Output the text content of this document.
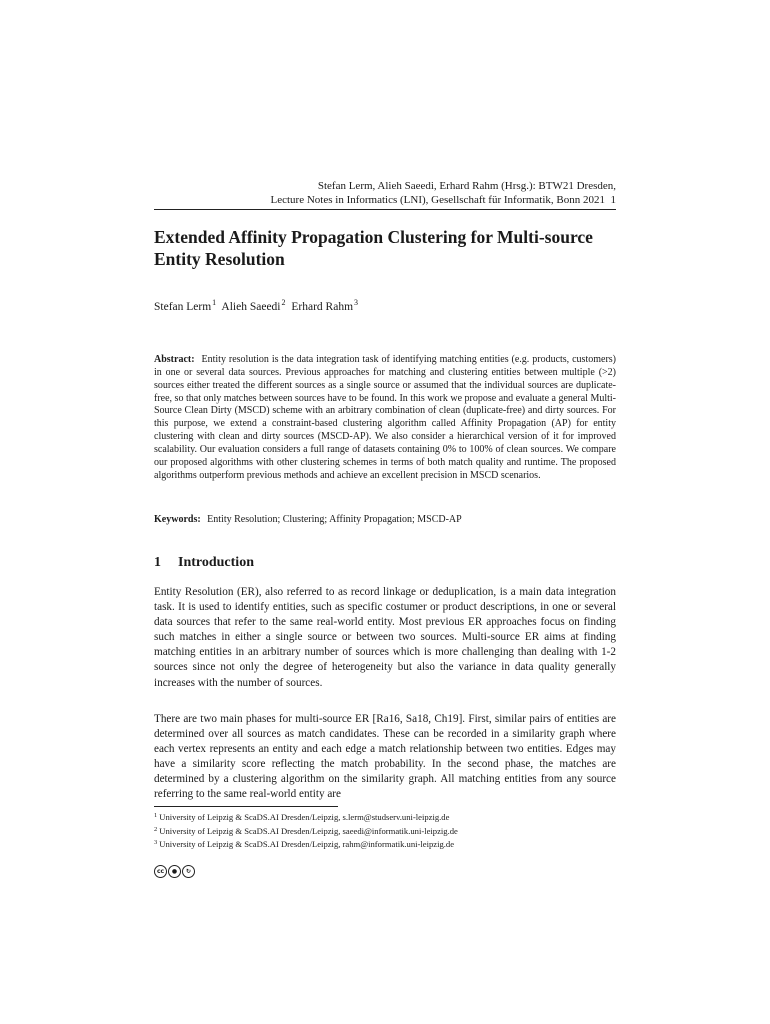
Stefan Lerm, Alieh Saeedi, Erhard Rahm (Hrsg.): BTW21 Dresden,
Lecture Notes in Informatics (LNI), Gesellschaft für Informatik, Bonn 2021 1
Extended Affinity Propagation Clustering for Multi-source Entity Resolution
Stefan Lerm$^1$ Alieh Saeedi$^2$ Erhard Rahm$^3$
Abstract: Entity resolution is the data integration task of identifying matching entities (e.g. products, customers) in one or several data sources. Previous approaches for matching and clustering entities between multiple (>2) sources either treated the different sources as a single source or assumed that the individual sources are duplicate-free, so that only matches between sources have to be found. In this work we propose and evaluate a general Multi-Source Clean Dirty (MSCD) scheme with an arbitrary combination of clean (duplicate-free) and dirty sources. For this purpose, we extend a constraint-based clustering algorithm called Affinity Propagation (AP) for entity clustering with clean and dirty sources (MSCD-AP). We also consider a hierarchical version of it for improved scalability. Our evaluation considers a full range of datasets containing 0% to 100% of clean sources. We compare our proposed algorithms with other clustering schemes in terms of both match quality and runtime. The proposed algorithms outperform previous methods and achieve an excellent precision in MSCD scenarios.
Keywords: Entity Resolution; Clustering; Affinity Propagation; MSCD-AP
1 Introduction
Entity Resolution (ER), also referred to as record linkage or deduplication, is a main data integration task. It is used to identify entities, such as specific costumer or product descriptions, in one or several data sources that refer to the same real-world entity. Most previous ER approaches focus on finding such matches in either a single source or between two sources. Multi-source ER aims at finding matching entities in an arbitrary number of sources which is more challenging than dealing with 1-2 sources since not only the degree of heterogeneity but also the variance in data quality generally increases with the number of sources.
There are two main phases for multi-source ER [Ra16, Sa18, Ch19]. First, similar pairs of entities are determined over all sources as match candidates. These can be recorded in a similarity graph where each vertex represents an entity and each edge a match relationship between two entities. Edges may have a similarity score reflecting the match probability. In the second phase, the matches are determined by a clustering algorithm on the similarity graph. All matching entities from any source referring to the same real-world entity are
$^1$ University of Leipzig & ScaDS.AI Dresden/Leipzig, s.lerm@studserv.uni-leipzig.de
$^2$ University of Leipzig & ScaDS.AI Dresden/Leipzig, saeedi@informatik.uni-leipzig.de
$^3$ University of Leipzig & ScaDS.AI Dresden/Leipzig, rahm@informatik.uni-leipzig.de
cc	●	↻
